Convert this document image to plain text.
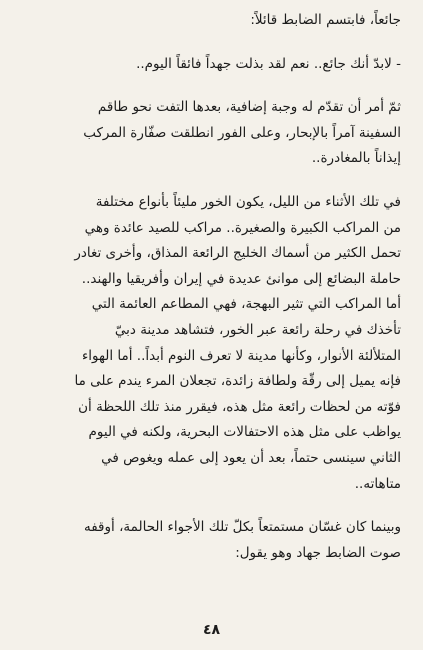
جائعاً، فابتسم الضابط قائلاً:
- لابدّ أنك جائع.. نعم لقد بذلت جهداً فائقاً اليوم..
ثمّ أمر أن تقدّم له وجبة إضافية، بعدها التفت نحو طاقم
السفينة آمراً بالإبحار، وعلى الفور انطلقت صفّارة المركب
إيذاناً بالمغادرة..
في تلك الأثناء من الليل، يكون الخور مليئاً بأنواع مختلفة
من المراكب الكبيرة والصغيرة.. مراكب للصيد عائدة وهي
تحمل الكثير من أسماك الخليج الرائعة المذاق، وأخرى تغادر
حاملة البضائع إلى موانئ عديدة في إيران وأفريقيا والهند..
أما المراكب التي تثير البهجة، فهي المطاعم العائمة التي
تأخذك في رحلة رائعة عبر الخور، فتشاهد مدينة دبيّ
المتلألئة الأنوار، وكأنها مدينة لا تعرف النوم أبداً.. أما الهواء
فإنه يميل إلى رقّة ولطافة زائدة، تجعلان المرء يندم على ما
فوّته من لحظات رائعة مثل هذه، فيقرر منذ تلك اللحظة أن
يواظب على مثل هذه الاحتفالات البحرية، ولكنه في اليوم
الثاني سينسى حتماً، بعد أن يعود إلى عمله ويغوص في
متاهاته..
وبينما كان غسّان مستمتعاً بكلّ تلك الأجواء الحالمة، أوقفه
صوت الضابط جهاد وهو يقول:
٤٨
